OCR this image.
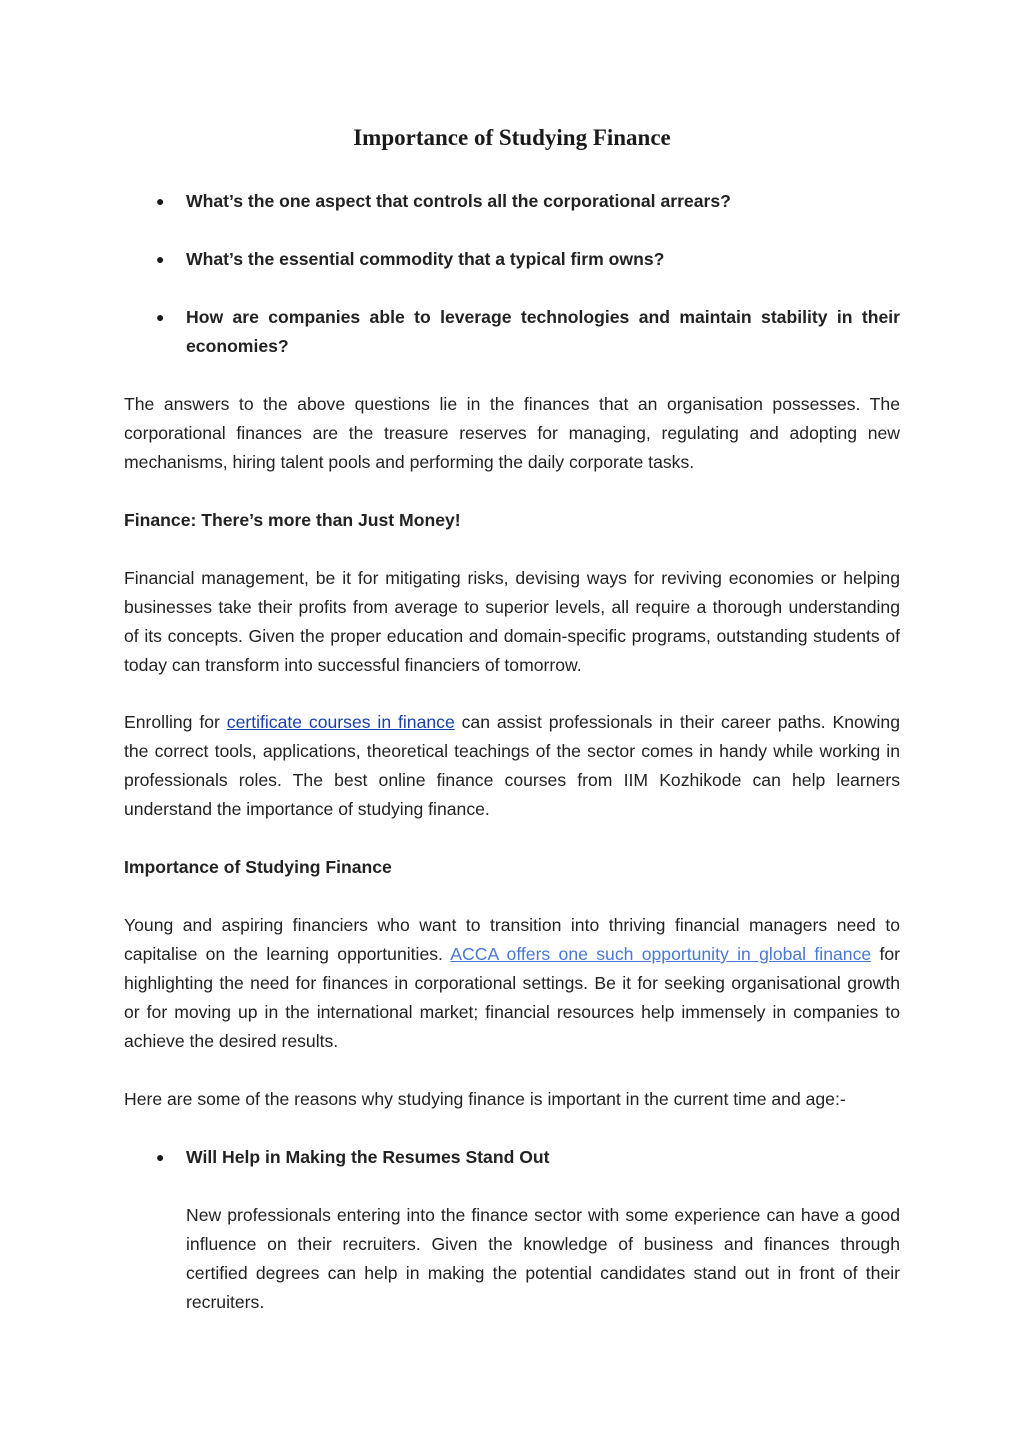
Importance of Studying Finance
● What’s the one aspect that controls all the corporational arrears?
● What’s the essential commodity that a typical firm owns?
● How are companies able to leverage technologies and maintain stability in their economies?
The answers to the above questions lie in the finances that an organisation possesses. The corporational finances are the treasure reserves for managing, regulating and adopting new mechanisms, hiring talent pools and performing the daily corporate tasks.
Finance: There’s more than Just Money!
Financial management, be it for mitigating risks, devising ways for reviving economies or helping businesses take their profits from average to superior levels, all require a thorough understanding of its concepts. Given the proper education and domain-specific programs, outstanding students of today can transform into successful financiers of tomorrow.
Enrolling for certificate courses in finance can assist professionals in their career paths. Knowing the correct tools, applications, theoretical teachings of the sector comes in handy while working in professionals roles. The best online finance courses from IIM Kozhikode can help learners understand the importance of studying finance.
Importance of Studying Finance
Young and aspiring financiers who want to transition into thriving financial managers need to capitalise on the learning opportunities. ACCA offers one such opportunity in global finance for highlighting the need for finances in corporational settings. Be it for seeking organisational growth or for moving up in the international market; financial resources help immensely in companies to achieve the desired results.
Here are some of the reasons why studying finance is important in the current time and age:-
● Will Help in Making the Resumes Stand Out
New professionals entering into the finance sector with some experience can have a good influence on their recruiters. Given the knowledge of business and finances through certified degrees can help in making the potential candidates stand out in front of their recruiters.
